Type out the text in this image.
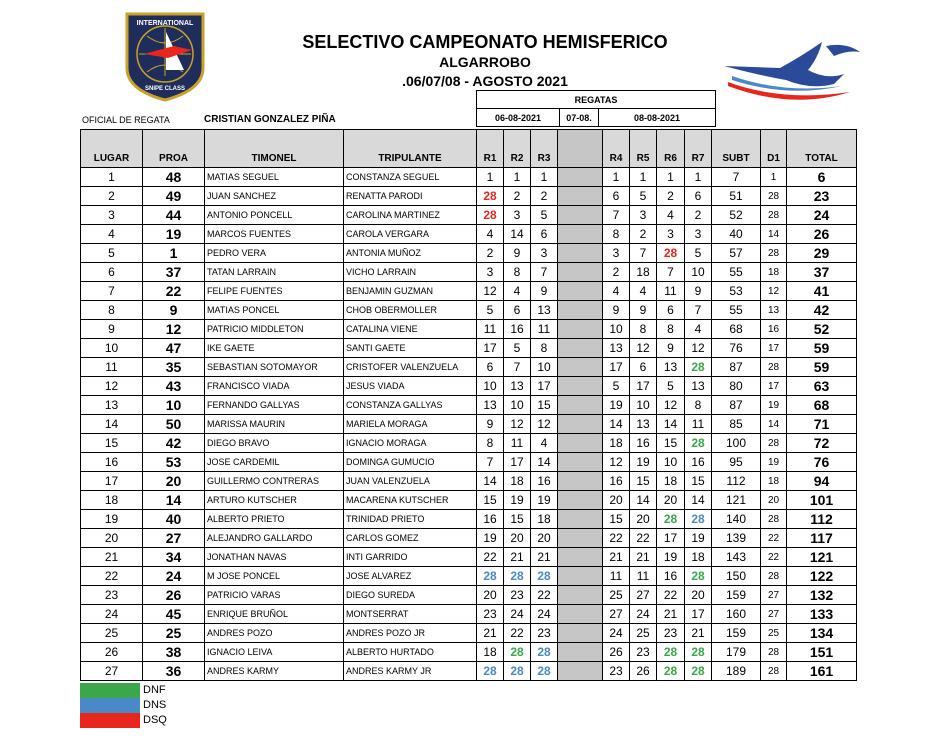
INTERNATIONAL
SNIPE CLASS
SELECTIVO CAMPEONATO HEMISFERICO
ALGARROBO
.06/07/08 - AGOSTO 2021
OFICIAL DE REGATA	CRISTIAN GONZALEZ PIÑA
REGATAS
06-08-2021	07-08.	08-08-2021
LUGAR	PROA	TIMONEL	TRIPULANTE	R1	R2	R3		R4	R5	R6	R7	SUBT	D1	TOTAL
1	48	MATIAS SEGUEL	CONSTANZA SEGUEL	1	1	1		1	1	1	1	7	1	6
2	49	JUAN SANCHEZ	RENATTA PARODI	28	2	2		6	5	2	6	51	28	23
3	44	ANTONIO PONCELL	CAROLINA MARTINEZ	28	3	5		7	3	4	2	52	28	24
4	19	MARCOS FUENTES	CAROLA VERGARA	4	14	6		8	2	3	3	40	14	26
5	1	PEDRO VERA	ANTONIA MUÑOZ	2	9	3		3	7	28	5	57	28	29
6	37	TATAN LARRAIN	VICHO LARRAIN	3	8	7		2	18	7	10	55	18	37
7	22	FELIPE FUENTES	BENJAMIN GUZMAN	12	4	9		4	4	11	9	53	12	41
8	9	MATIAS PONCEL	CHOB OBERMOLLER	5	6	13		9	9	6	7	55	13	42
9	12	PATRICIO MIDDLETON	CATALINA VIENE	11	16	11		10	8	8	4	68	16	52
10	47	IKE GAETE	SANTI GAETE	17	5	8		13	12	9	12	76	17	59
11	35	SEBASTIAN SOTOMAYOR	CRISTOFER VALENZUELA	6	7	10		17	6	13	28	87	28	59
12	43	FRANCISCO VIADA	JESUS VIADA	10	13	17		5	17	5	13	80	17	63
13	10	FERNANDO GALLYAS	CONSTANZA GALLYAS	13	10	15		19	10	12	8	87	19	68
14	50	MARISSA MAURIN	MARIELA MORAGA	9	12	12		14	13	14	11	85	14	71
15	42	DIEGO BRAVO	IGNACIO MORAGA	8	11	4		18	16	15	28	100	28	72
16	53	JOSE CARDEMIL	DOMINGA GUMUCIO	7	17	14		12	19	10	16	95	19	76
17	20	GUILLERMO CONTRERAS	JUAN VALENZUELA	14	18	16		16	15	18	15	112	18	94
18	14	ARTURO KUTSCHER	MACARENA KUTSCHER	15	19	19		20	14	20	14	121	20	101
19	40	ALBERTO PRIETO	TRINIDAD PRIETO	16	15	18		15	20	28	28	140	28	112
20	27	ALEJANDRO GALLARDO	CARLOS GOMEZ	19	20	20		22	22	17	19	139	22	117
21	34	JONATHAN NAVAS	INTI GARRIDO	22	21	21		21	21	19	18	143	22	121
22	24	M JOSE PONCEL	JOSE ALVAREZ	28	28	28		11	11	16	28	150	28	122
23	26	PATRICIO VARAS	DIEGO SUREDA	20	23	22		25	27	22	20	159	27	132
24	45	ENRIQUE BRUÑOL	MONTSERRAT	23	24	24		27	24	21	17	160	27	133
25	25	ANDRES POZO	ANDRES POZO JR	21	22	23		24	25	23	21	159	25	134
26	38	IGNACIO LEIVA	ALBERTO HURTADO	18	28	28		26	23	28	28	179	28	151
27	36	ANDRES KARMY	ANDRES KARMY JR	28	28	28		23	26	28	28	189	28	161
DNF
DNS
DSQ
